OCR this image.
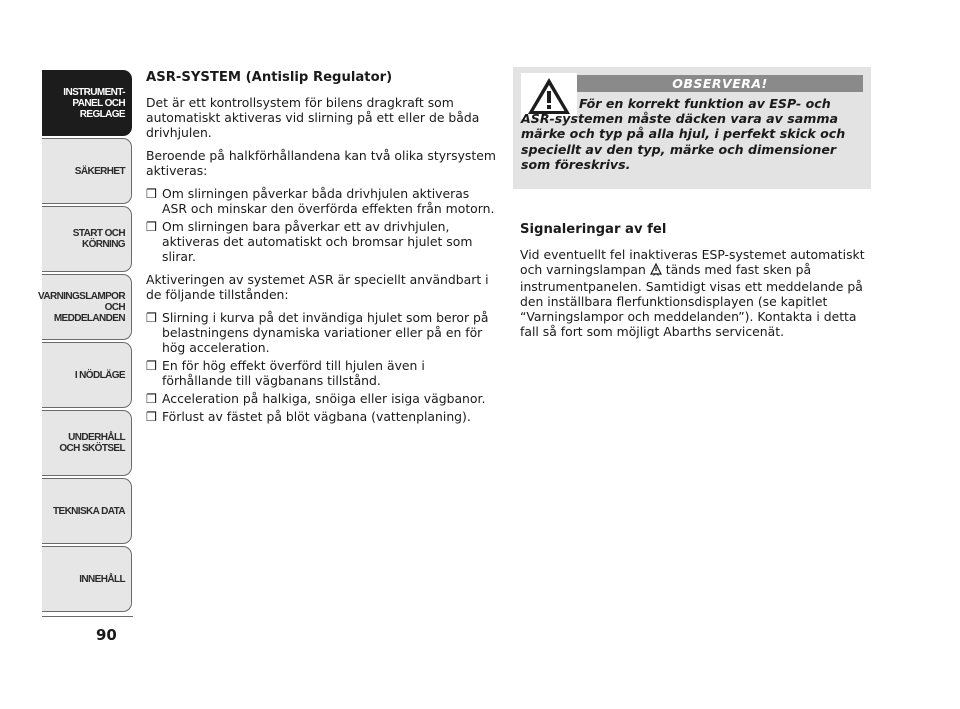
INSTRUMENT-
PANEL OCH
REGLAGE
SÄKERHET
START OCH
KÖRNING
VARNINGSLAMPOR
OCH
MEDDELANDEN
I NÖDLÄGE
UNDERHÅLL
OCH SKÖTSEL
TEKNISKA DATA
INNEHÅLL
90

ASR-SYSTEM (Antislip Regulator)

Det är ett kontrollsystem för bilens dragkraft som automatiskt aktiveras vid slirning på ett eller de båda drivhjulen.

Beroende på halkförhållandena kan två olika styrsystem aktiveras:

❒ Om slirningen påverkar båda drivhjulen aktiveras ASR och minskar den överförda effekten från motorn.
❒ Om slirningen bara påverkar ett av drivhjulen, aktiveras det automatiskt och bromsar hjulet som slirar.

Aktiveringen av systemet ASR är speciellt användbart i de följande tillstånden:

❒ Slirning i kurva på det invändiga hjulet som beror på belastningens dynamiska variationer eller på en för hög acceleration.
❒ En för hög effekt överförd till hjulen även i förhållande till vägbanans tillstånd.
❒ Acceleration på halkiga, snöiga eller isiga vägbanor.
❒ Förlust av fästet på blöt vägbana (vattenplaning).
OBSERVERA!
För en korrekt funktion av ESP- och ASR-systemen måste däcken vara av samma märke och typ på alla hjul, i perfekt skick och speciellt av den typ, märke och dimensioner som föreskrivs.

Signaleringar av fel

Vid eventuellt fel inaktiveras ESP-systemet automatiskt och varningslampan tänds med fast sken på instrumentpanelen. Samtidigt visas ett meddelande på den inställbara flerfunktionsdisplayen (se kapitlet “Varningslampor och meddelanden”). Kontakta i detta fall så fort som möjligt Abarths servicenät.
